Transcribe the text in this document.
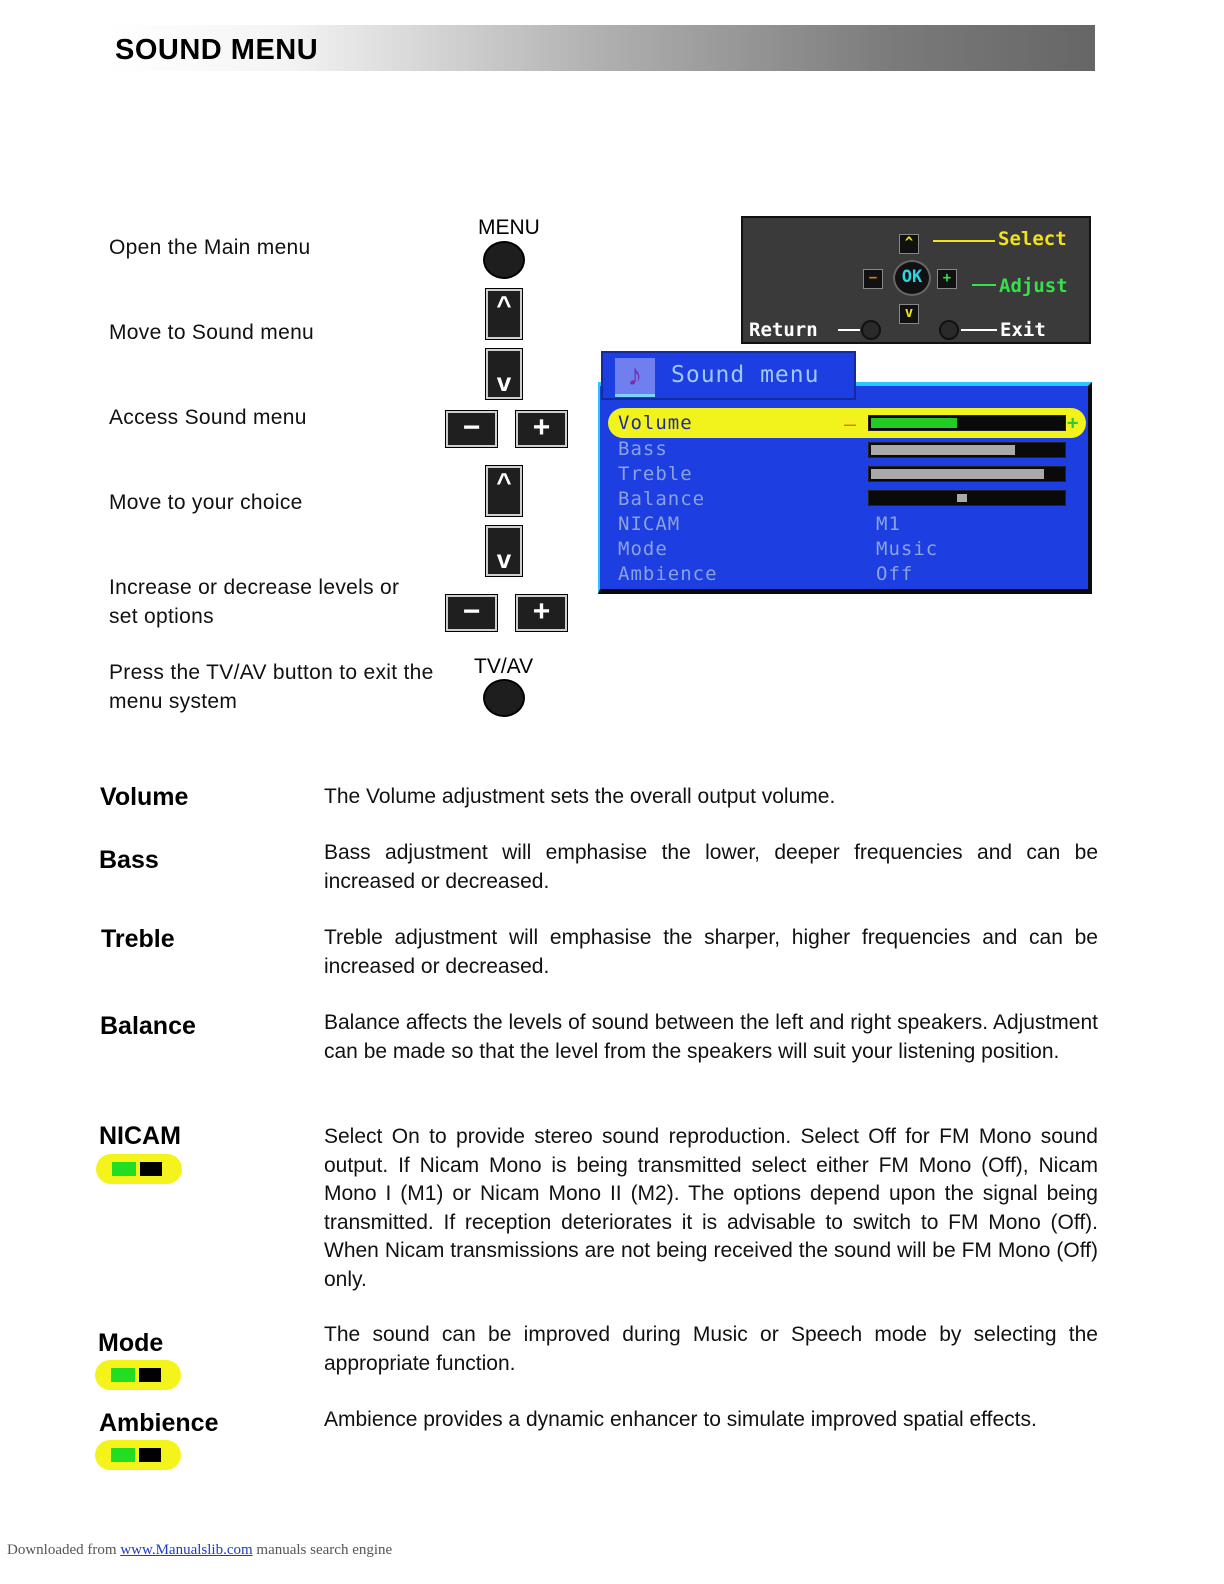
SOUND MENU
Open the Main menu
Move to Sound menu
Access Sound menu
Move to your choice
Increase or decrease levels or set options
Press the TV/AV button to exit the menu system
MENU
^
v
−	+
^
v
−	+
TV/AV
^	Select
−	OK	+	Adjust
v
Return	Exit
Volume	–	+
Bass
Treble
Balance
NICAM	M1
Mode	Music
Ambience	Off
♪	Sound menu
Volume	The Volume adjustment sets the overall output volume.
Bass	Bass adjustment will emphasise the lower, deeper frequencies and can be increased or decreased.
Treble	Treble adjustment will emphasise the sharper, higher frequencies and can be increased or decreased.
Balance	Balance affects the levels of sound between the left and right speakers. Adjustment can be made so that the level from the speakers will suit your listening position.
NICAM	Select On to provide stereo sound reproduction. Select Off for FM Mono sound output. If Nicam Mono is being transmitted select either FM Mono (Off), Nicam Mono I (M1) or Nicam Mono II (M2). The options depend upon the signal being transmitted. If reception deteriorates it is advisable to switch to FM Mono (Off). When Nicam transmissions are not being received the sound will be FM Mono (Off) only.
Mode	The sound can be improved during Music or Speech mode by selecting the appropriate function.
Ambience	Ambience provides a dynamic enhancer to simulate improved spatial effects.
Downloaded from www.Manualslib.com manuals search engine
